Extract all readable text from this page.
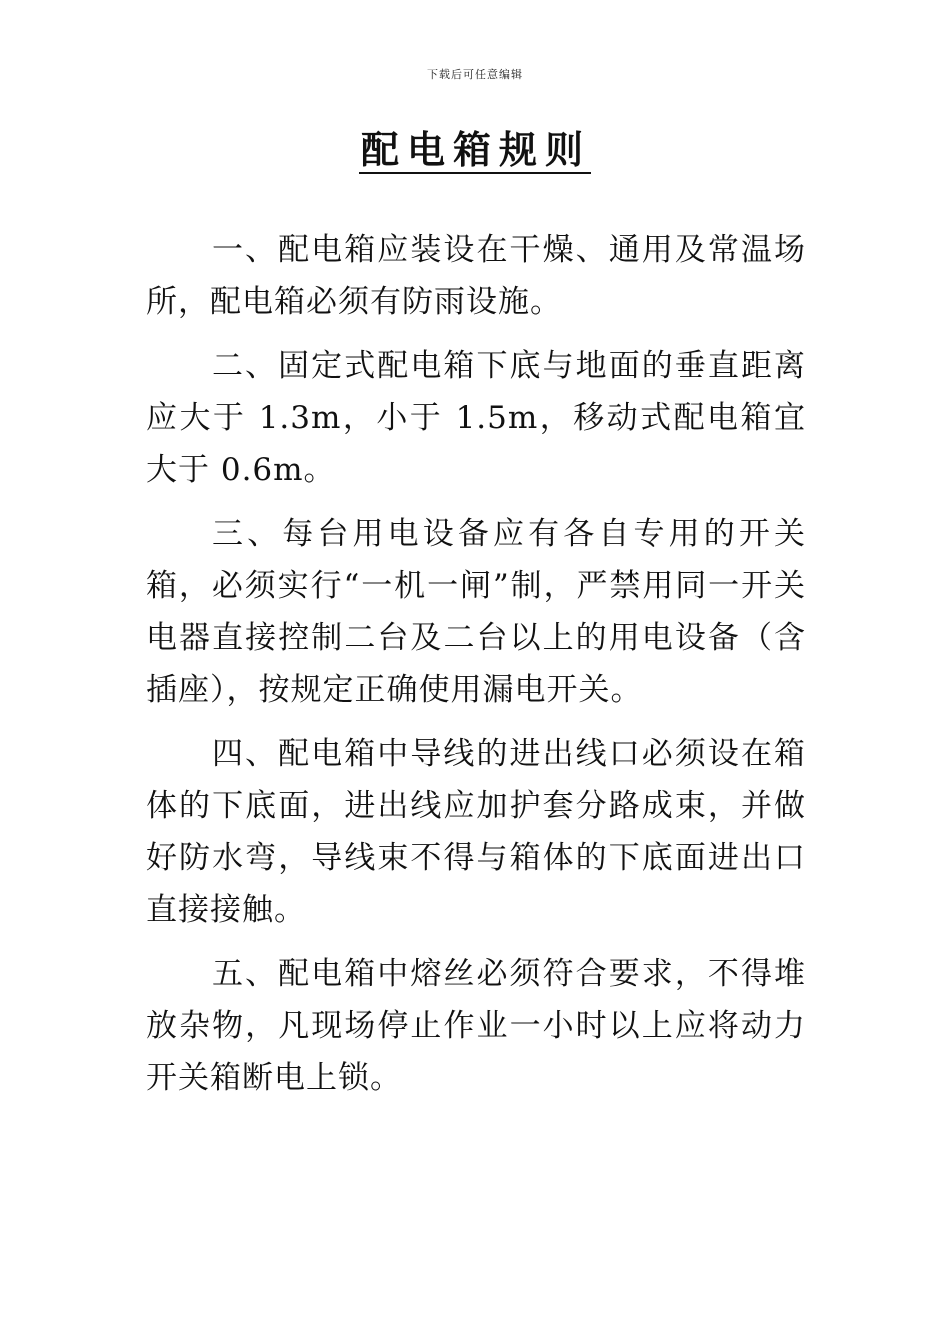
下载后可任意编辑
配电箱规则

一、配电箱应装设在干燥、通用及常温场所，配电箱必须有防雨设施。

二、固定式配电箱下底与地面的垂直距离应大于 1.3m，小于 1.5m，移动式配电箱宜大于 0.6m。

三、每台用电设备应有各自专用的开关箱，必须实行“一机一闸”制，严禁用同一开关电器直接控制二台及二台以上的用电设备（含插座），按规定正确使用漏电开关。

四、配电箱中导线的进出线口必须设在箱体的下底面，进出线应加护套分路成束，并做好防水弯，导线束不得与箱体的下底面进出口直接接触。

五、配电箱中熔丝必须符合要求，不得堆放杂物，凡现场停止作业一小时以上应将动力开关箱断电上锁。
